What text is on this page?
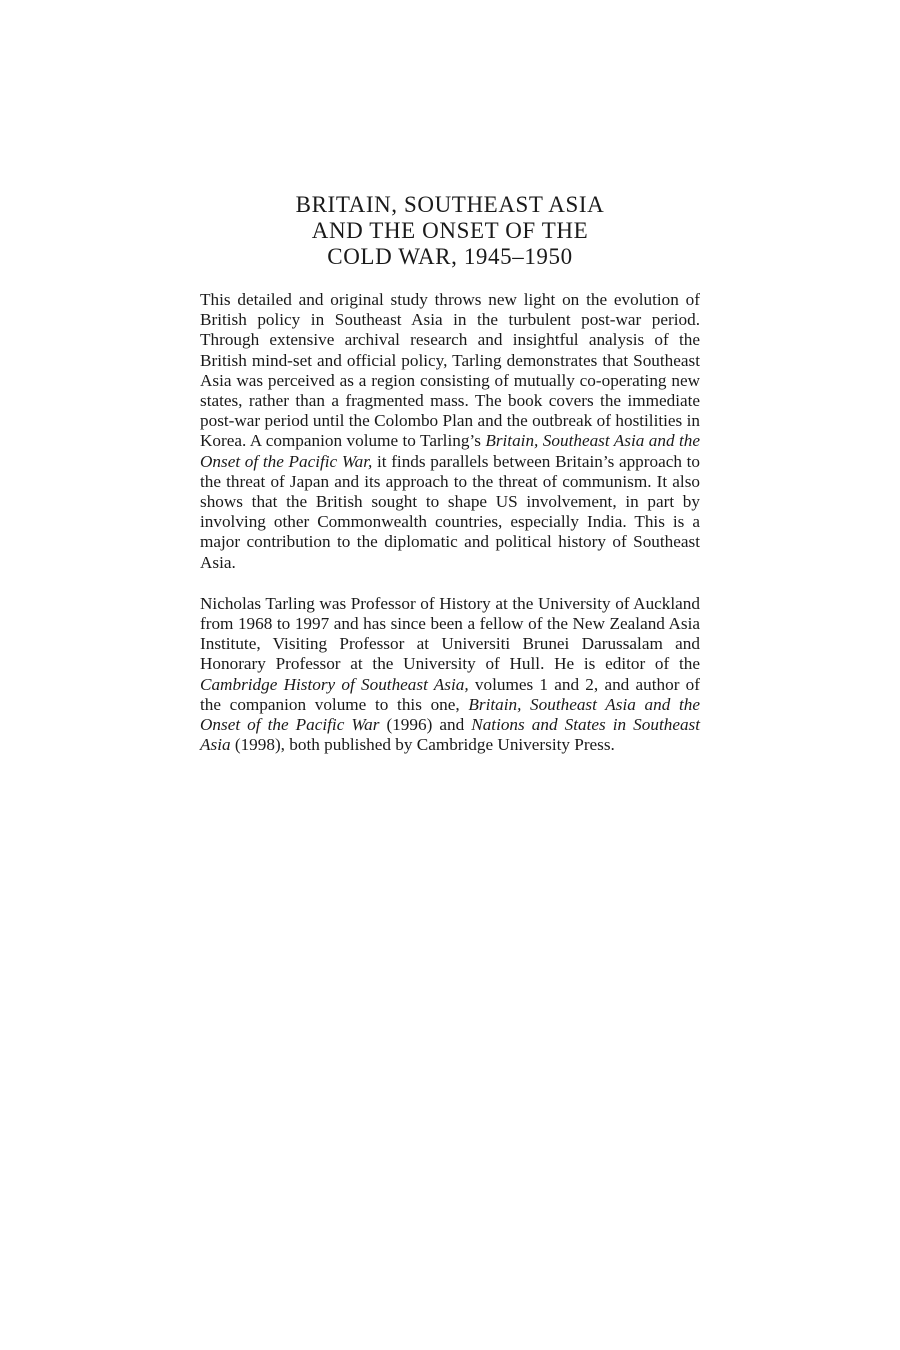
BRITAIN, SOUTHEAST ASIA
AND THE ONSET OF THE
COLD WAR, 1945–1950

This detailed and original study throws new light on the evolution of British policy in Southeast Asia in the turbulent post-war period. Through extensive archival research and insightful analysis of the British mind-set and official policy, Tarling demonstrates that Southeast Asia was perceived as a region consisting of mutually co-operating new states, rather than a fragmented mass. The book covers the immediate post-war period until the Colombo Plan and the outbreak of hostilities in Korea. A companion volume to Tarling’s Britain, Southeast Asia and the Onset of the Pacific War, it finds parallels between Britain’s approach to the threat of Japan and its approach to the threat of communism. It also shows that the British sought to shape US involvement, in part by involving other Commonwealth countries, especially India. This is a major contribution to the diplomatic and political history of Southeast Asia.

Nicholas Tarling was Professor of History at the University of Auckland from 1968 to 1997 and has since been a fellow of the New Zealand Asia Institute, Visiting Professor at Universiti Brunei Darussalam and Honorary Professor at the University of Hull. He is editor of the Cambridge History of Southeast Asia, volumes 1 and 2, and author of the companion volume to this one, Britain, Southeast Asia and the Onset of the Pacific War (1996) and Nations and States in Southeast Asia (1998), both published by Cambridge University Press.
